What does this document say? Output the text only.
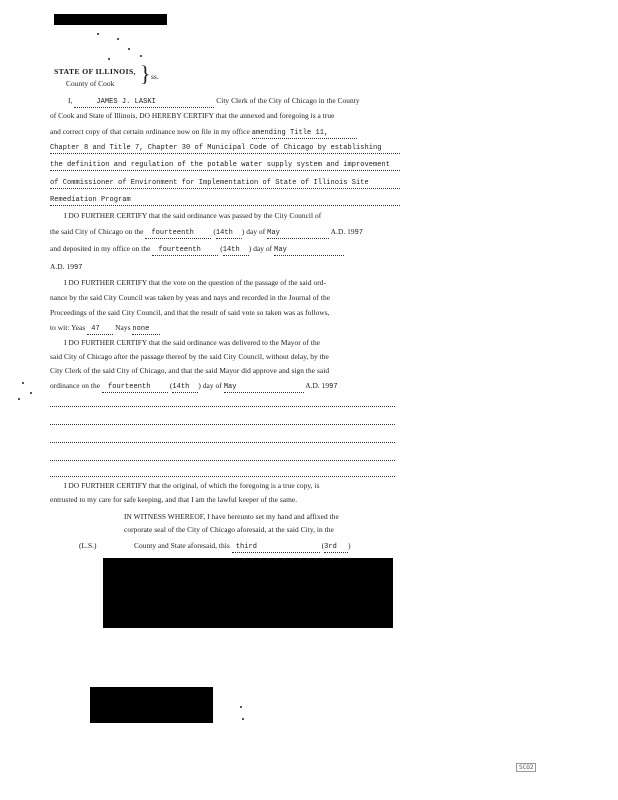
STATE OF ILLINOIS,
County of Cook } ss.
I,	JAMES J. LASKI	City Clerk of the City of Chicago in the County
of Cook and State of Illinois, DO HEREBY CERTIFY that the annexed and foregoing is a true
and correct copy of that certain ordinance now on file in my office amending Title 11,
Chapter 8 and Title 7, Chapter 30 of Municipal Code of Chicago by establishing
the definition and regulation of the potable water supply system and improvement
of Commissioner of Environment for Implementation of State of Illinois Site
Remediation Program
I DO FURTHER CERTIFY that the said ordinance was passed by the City Council of
the said City of Chicago on the fourteenth (14th ) day of May	A.D. 1997
and deposited in my office on the fourteenth (14th ) day of May
A.D. 1997
I DO FURTHER CERTIFY that the vote on the question of the passage of the said ord-
nance by the said City Council was taken by yeas and nays and recorded in the Journal of the
Proceedings of the said City Council, and that the result of said vote so taken was as follows,
to wit: Yeas 47 Nays none
I DO FURTHER CERTIFY that the said ordinance was delivered to the Mayor of the
said City of Chicago after the passage thereof by the said City Council, without delay, by the
City Clerk of the said City of Chicago, and that the said Mayor did approve and sign the said
ordinance on the fourteenth (14th ) day of May	A.D. 1997
I DO FURTHER CERTIFY that the original, of which the foregoing is a true copy, is
entrusted to my care for safe keeping, and that I am the lawful keeper of the same.
IN WITNESS WHEREOF, I have hereunto set my hand and affixed the
corporate seal of the City of Chicago aforesaid, at the said City, in the
(L.S.)	County and State aforesaid, this third	(3rd )
SCO2
